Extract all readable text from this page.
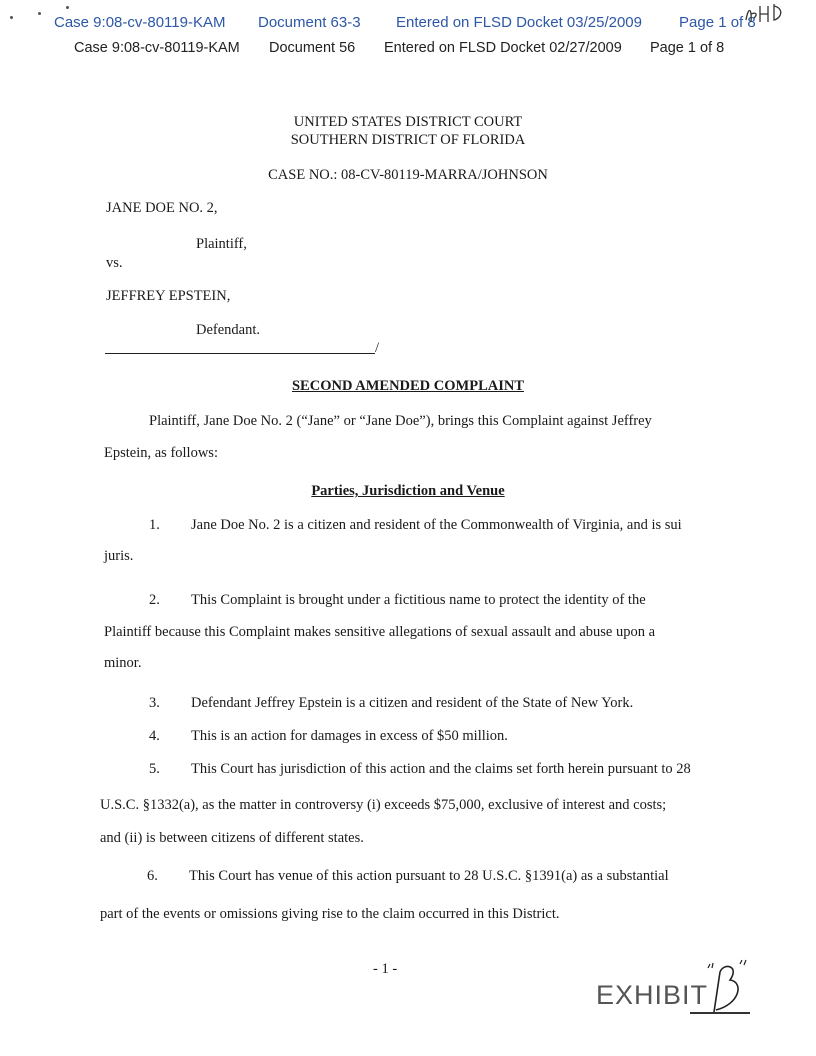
Case 9:08-cv-80119-KAM Document 63-3 Entered on FLSD Docket 03/25/2009 Page 1 of 8
Case 9:08-cv-80119-KAM Document 56 Entered on FLSD Docket 02/27/2009 Page 1 of 8
UNITED STATES DISTRICT COURT
SOUTHERN DISTRICT OF FLORIDA
CASE NO.: 08-CV-80119-MARRA/JOHNSON
JANE DOE NO. 2,
Plaintiff,
vs.
JEFFREY EPSTEIN,
Defendant.
/
SECOND AMENDED COMPLAINT
Plaintiff, Jane Doe No. 2 (“Jane” or “Jane Doe”), brings this Complaint against Jeffrey
Epstein, as follows:
Parties, Jurisdiction and Venue
1. Jane Doe No. 2 is a citizen and resident of the Commonwealth of Virginia, and is sui
juris.
2. This Complaint is brought under a fictitious name to protect the identity of the
Plaintiff because this Complaint makes sensitive allegations of sexual assault and abuse upon a
minor.
3. Defendant Jeffrey Epstein is a citizen and resident of the State of New York.
4. This is an action for damages in excess of $50 million.
5. This Court has jurisdiction of this action and the claims set forth herein pursuant to 28
U.S.C. §1332(a), as the matter in controversy (i) exceeds $75,000, exclusive of interest and costs;
and (ii) is between citizens of different states.
6. This Court has venue of this action pursuant to 28 U.S.C. §1391(a) as a substantial
part of the events or omissions giving rise to the claim occurred in this District.
- 1 -
EXHIBIT
